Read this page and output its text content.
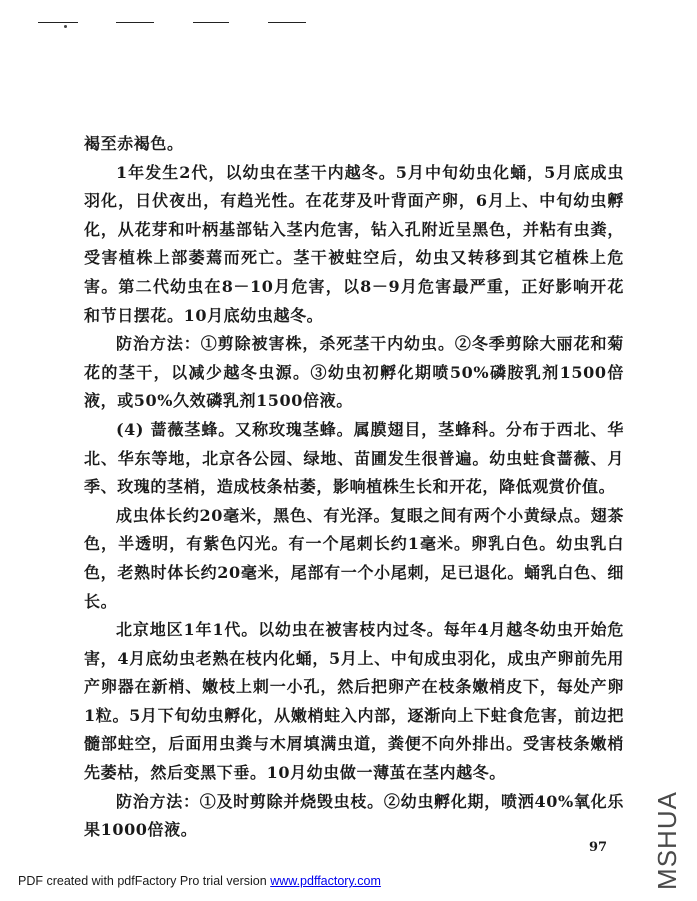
褐至赤褐色。

1年发生2代，以幼虫在茎干内越冬。5月中旬幼虫化蛹，5月底成虫羽化，日伏夜出，有趋光性。在花芽及叶背面产卵，6月上、中旬幼虫孵化，从花芽和叶柄基部钻入茎内危害，钻入孔附近呈黑色，并粘有虫粪，受害植株上部萎蔫而死亡。茎干被蛀空后，幼虫又转移到其它植株上危害。第二代幼虫在8－10月危害，以8－9月危害最严重，正好影响开花和节日摆花。10月底幼虫越冬。

防治方法：①剪除被害株，杀死茎干内幼虫。②冬季剪除大丽花和菊花的茎干，以减少越冬虫源。③幼虫初孵化期喷50%磷胺乳剂1500倍液，或50%久效磷乳剂1500倍液。

(4) 蔷薇茎蜂。又称玫瑰茎蜂。属膜翅目，茎蜂科。分布于西北、华北、华东等地，北京各公园、绿地、苗圃发生很普遍。幼虫蛀食蔷薇、月季、玫瑰的茎梢，造成枝条枯萎，影响植株生长和开花，降低观赏价值。

成虫体长约20毫米，黑色、有光泽。复眼之间有两个小黄绿点。翅茶色，半透明，有紫色闪光。有一个尾刺长约1毫米。卵乳白色。幼虫乳白色，老熟时体长约20毫米，尾部有一个小尾刺，足已退化。蛹乳白色、细长。

北京地区1年1代。以幼虫在被害枝内过冬。每年4月越冬幼虫开始危害，4月底幼虫老熟在枝内化蛹，5月上、中旬成虫羽化，成虫产卵前先用产卵器在新梢、嫩枝上刺一小孔，然后把卵产在枝条嫩梢皮下，每处产卵1粒。5月下旬幼虫孵化，从嫩梢蛀入内部，逐渐向上下蛀食危害，前边把髓部蛀空，后面用虫粪与木屑填满虫道，粪便不向外排出。受害枝条嫩梢先萎枯，然后变黑下垂。10月幼虫做一薄茧在茎内越冬。

防治方法：①及时剪除并烧毁虫枝。②幼虫孵化期，喷洒40%氧化乐果1000倍液。

97
PDF created with pdfFactory Pro trial version www.pdffactory.com	MSHUA
